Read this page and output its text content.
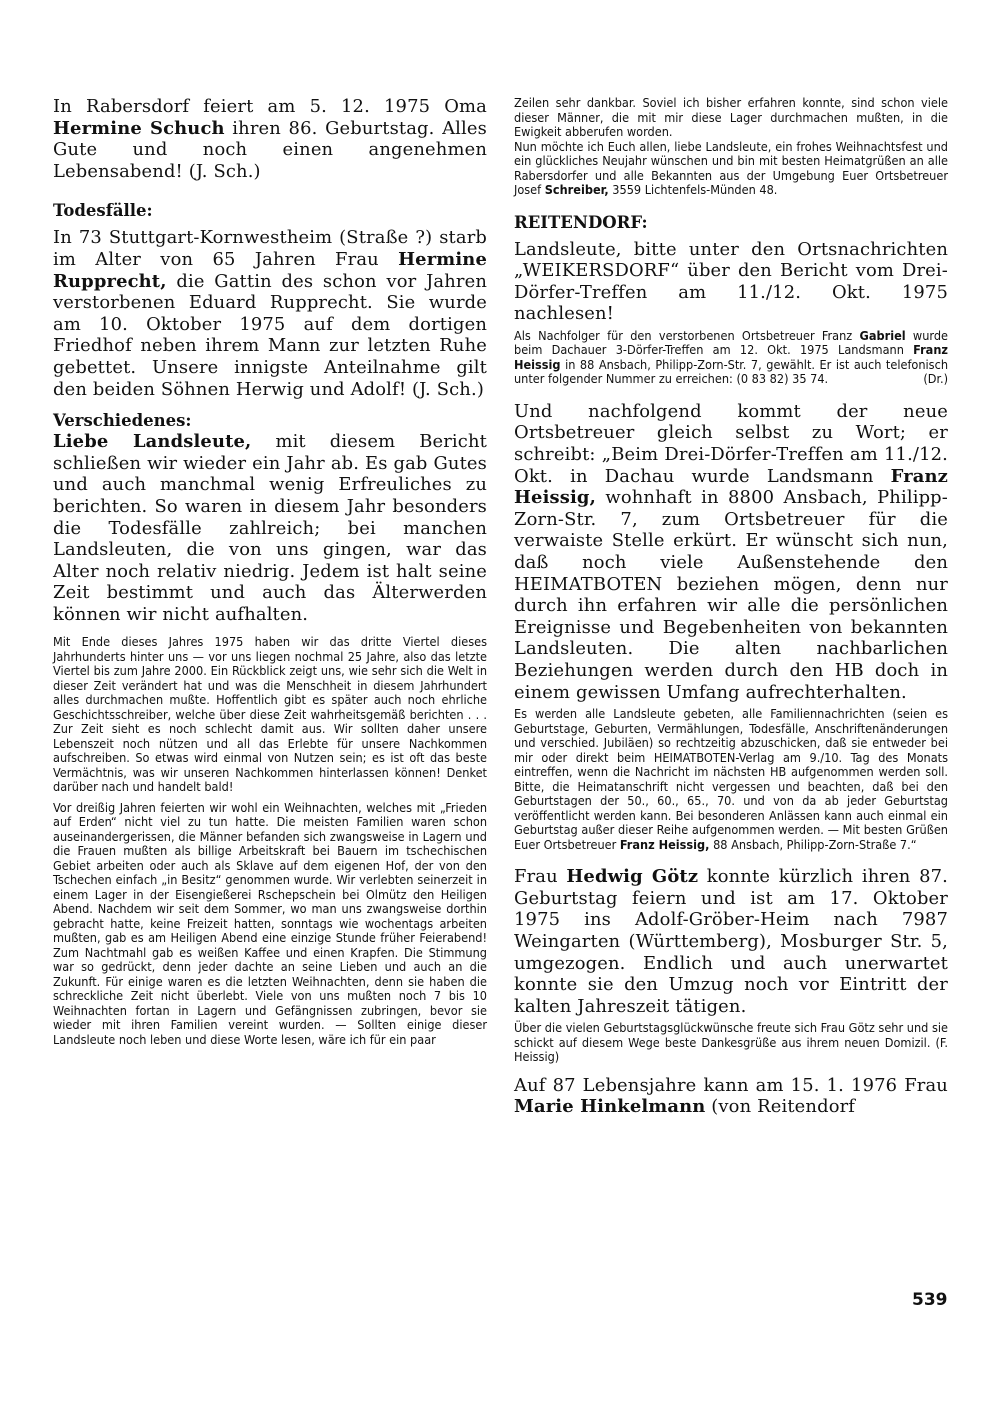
In Rabersdorf feiert am 5. 12. 1975 Oma Hermine Schuch ihren 86. Geburtstag. Alles Gute und noch einen angenehmen Lebensabend! (J. Sch.)

Todesfälle:

In 73 Stuttgart-Kornwestheim (Straße ?) starb im Alter von 65 Jahren Frau Hermine Rupprecht, die Gattin des schon vor Jahren verstorbenen Eduard Rupprecht. Sie wurde am 10. Oktober 1975 auf dem dortigen Friedhof neben ihrem Mann zur letzten Ruhe gebettet. Unsere innigste Anteilnahme gilt den beiden Söhnen Herwig und Adolf! (J. Sch.)

Verschiedenes:

Liebe Landsleute, mit diesem Bericht schließen wir wieder ein Jahr ab. Es gab Gutes und auch manchmal wenig Erfreuliches zu berichten. So waren in diesem Jahr besonders die Todesfälle zahlreich; bei manchen Landsleuten, die von uns gingen, war das Alter noch relativ niedrig. Jedem ist halt seine Zeit bestimmt und auch das Älterwerden können wir nicht aufhalten.

Mit Ende dieses Jahres 1975 haben wir das dritte Viertel dieses Jahrhunderts hinter uns — vor uns liegen nochmal 25 Jahre, also das letzte Viertel bis zum Jahre 2000. Ein Rückblick zeigt uns, wie sehr sich die Welt in dieser Zeit verändert hat und was die Menschheit in diesem Jahrhundert alles durchmachen mußte. Hoffentlich gibt es später auch noch ehrliche Geschichtsschreiber, welche über diese Zeit wahrheitsgemäß berichten . . . Zur Zeit sieht es noch schlecht damit aus. Wir sollten daher unsere Lebenszeit noch nützen und all das Erlebte für unsere Nachkommen aufschreiben. So etwas wird einmal von Nutzen sein; es ist oft das beste Vermächtnis, was wir unseren Nachkommen hinterlassen können! Denket darüber nach und handelt bald!

Vor dreißig Jahren feierten wir wohl ein Weihnachten, welches mit „Frieden auf Erden“ nicht viel zu tun hatte. Die meisten Familien waren schon auseinandergerissen, die Männer befanden sich zwangsweise in Lagern und die Frauen mußten als billige Arbeitskraft bei Bauern im tschechischen Gebiet arbeiten oder auch als Sklave auf dem eigenen Hof, der von den Tschechen einfach „in Besitz“ genommen wurde. Wir verlebten seinerzeit in einem Lager in der Eisengießerei Rschepschein bei Olmütz den Heiligen Abend. Nachdem wir seit dem Sommer, wo man uns zwangsweise dorthin gebracht hatte, keine Freizeit hatten, sonntags wie wochentags arbeiten mußten, gab es am Heiligen Abend eine einzige Stunde früher Feierabend! Zum Nachtmahl gab es weißen Kaffee und einen Krapfen. Die Stimmung war so gedrückt, denn jeder dachte an seine Lieben und auch an die Zukunft. Für einige waren es die letzten Weihnachten, denn sie haben die schreckliche Zeit nicht überlebt. Viele von uns mußten noch 7 bis 10 Weihnachten fortan in Lagern und Gefängnissen zubringen, bevor sie wieder mit ihren Familien vereint wurden. — Sollten einige dieser Landsleute noch leben und diese Worte lesen, wäre ich für ein paar

Zeilen sehr dankbar. Soviel ich bisher erfahren konnte, sind schon viele dieser Männer, die mit mir diese Lager durchmachen mußten, in die Ewigkeit abberufen worden.

Nun möchte ich Euch allen, liebe Landsleute, ein frohes Weihnachtsfest und ein glückliches Neujahr wünschen und bin mit besten Heimatgrüßen an alle Rabersdorfer und alle Bekannten aus der Umgebung Euer Ortsbetreuer Josef Schreiber, 3559 Lichtenfels-Münden 48.

REITENDORF:

Landsleute, bitte unter den Ortsnachrichten „WEIKERSDORF“ über den Bericht vom Drei-Dörfer-Treffen am 11./12. Okt. 1975 nachlesen!

Als Nachfolger für den verstorbenen Ortsbetreuer Franz Gabriel wurde beim Dachauer 3-Dörfer-Treffen am 12. Okt. 1975 Landsmann Franz Heissig in 88 Ansbach, Philipp-Zorn-Str. 7, gewählt. Er ist auch telefonisch unter folgender Nummer zu erreichen: (0 83 82) 35 74.	(Dr.)

Und nachfolgend kommt der neue Ortsbetreuer gleich selbst zu Wort; er schreibt: „Beim Drei-Dörfer-Treffen am 11./12. Okt. in Dachau wurde Landsmann Franz Heissig, wohnhaft in 8800 Ansbach, Philipp-Zorn-Str. 7, zum Ortsbetreuer für die verwaiste Stelle erkürt. Er wünscht sich nun, daß noch viele Außenstehende den HEIMATBOTEN beziehen mögen, denn nur durch ihn erfahren wir alle die persönlichen Ereignisse und Begebenheiten von bekannten Landsleuten. Die alten nachbarlichen Beziehungen werden durch den HB doch in einem gewissen Umfang aufrechterhalten.

Es werden alle Landsleute gebeten, alle Familiennachrichten (seien es Geburtstage, Geburten, Vermählungen, Todesfälle, Anschriftenänderungen und verschied. Jubiläen) so rechtzeitig abzuschicken, daß sie entweder bei mir oder direkt beim HEIMATBOTEN-Verlag am 9./10. Tag des Monats eintreffen, wenn die Nachricht im nächsten HB aufgenommen werden soll. Bitte, die Heimatanschrift nicht vergessen und beachten, daß bei den Geburtstagen der 50., 60., 65., 70. und von da ab jeder Geburtstag veröffentlicht werden kann. Bei besonderen Anlässen kann auch einmal ein Geburtstag außer dieser Reihe aufgenommen werden. — Mit besten Grüßen Euer Ortsbetreuer Franz Heissig, 88 Ansbach, Philipp-Zorn-Straße 7.“

Frau Hedwig Götz konnte kürzlich ihren 87. Geburtstag feiern und ist am 17. Oktober 1975 ins Adolf-Gröber-Heim nach 7987 Weingarten (Württemberg), Mosburger Str. 5, umgezogen. Endlich und auch unerwartet konnte sie den Umzug noch vor Eintritt der kalten Jahreszeit tätigen.

Über die vielen Geburtstagsglückwünsche freute sich Frau Götz sehr und sie schickt auf diesem Wege beste Dankesgrüße aus ihrem neuen Domizil. (F. Heissig)

Auf 87 Lebensjahre kann am 15. 1. 1976 Frau Marie Hinkelmann (von Reitendorf

539
